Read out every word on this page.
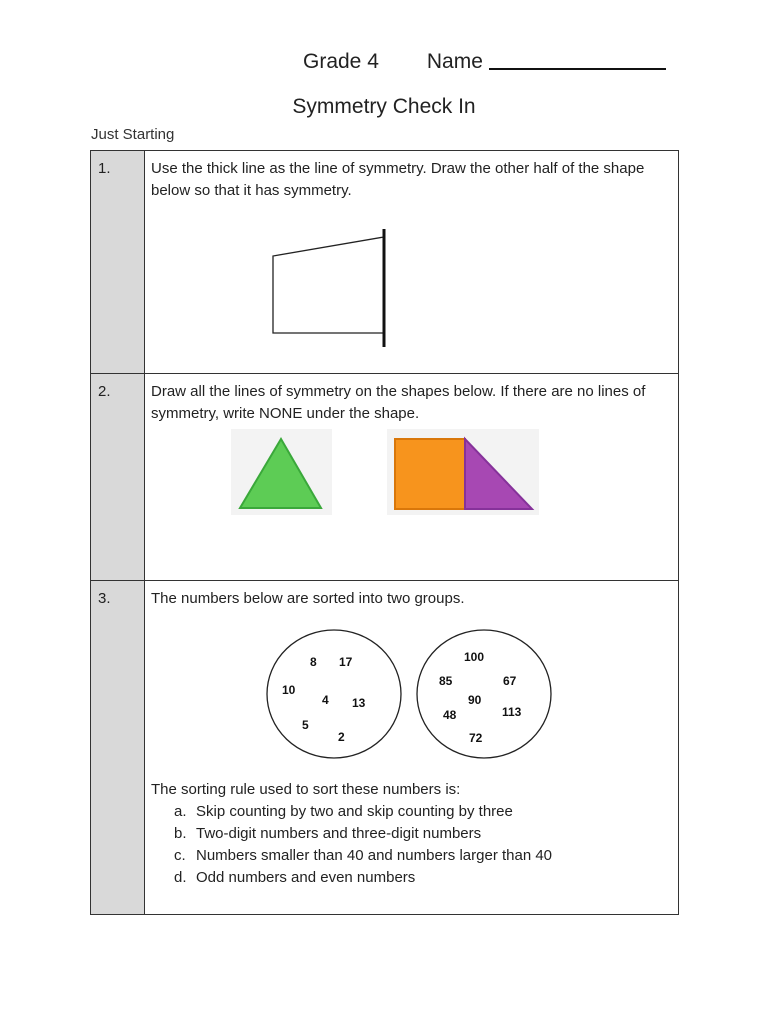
Grade 4 Name
Symmetry Check In
Just Starting
1.	Use the thick line as the line of symmetry. Draw the other half of the shape below so that it has symmetry.
2.	Draw all the lines of symmetry on the shapes below. If there are no lines of symmetry, write NONE under the shape.
3.	The numbers below are sorted into two groups.
8 17
10
4 13
5
2
100
85	67
90
48	113
72
The sorting rule used to sort these numbers is:
a. Skip counting by two and skip counting by three
b. Two-digit numbers and three-digit numbers
c. Numbers smaller than 40 and numbers larger than 40
d. Odd numbers and even numbers
